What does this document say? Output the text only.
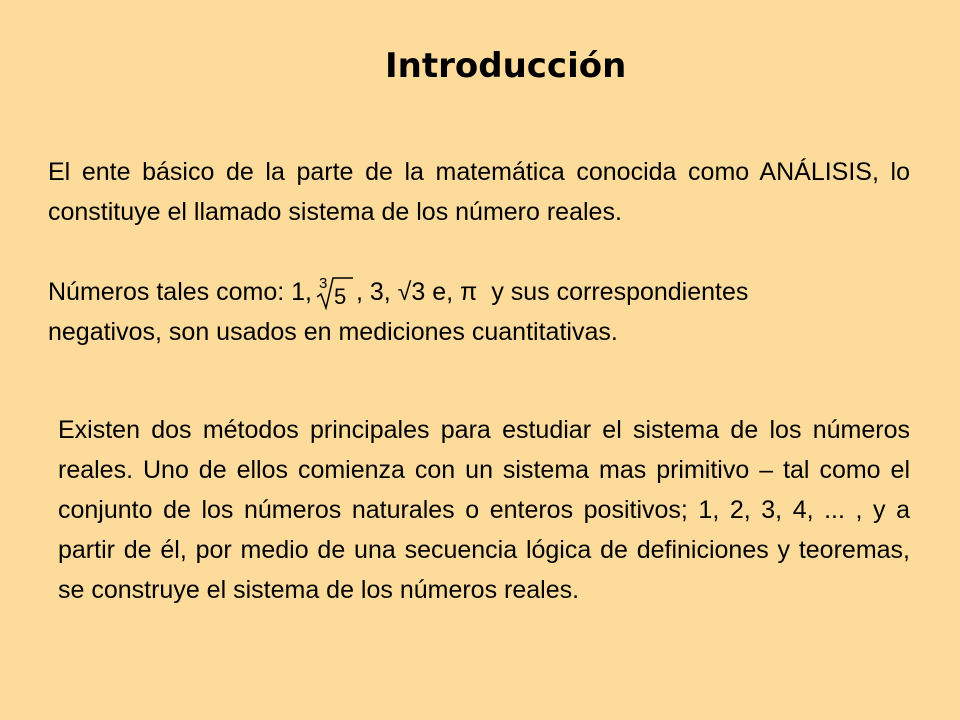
Introducción
El ente básico de la parte de la matemática conocida como ANÁLISIS, lo constituye el llamado sistema de los número reales.
Números tales como: 1, 3
5 , 3, √3 e, π y sus correspondientes
negativos, son usados en mediciones cuantitativas.
Existen dos métodos principales para estudiar el sistema de los números reales. Uno de ellos comienza con un sistema mas primitivo – tal como el conjunto de los números naturales o enteros positivos; 1, 2, 3, 4, ... , y a partir de él, por medio de una secuencia lógica de definiciones y teoremas, se construye el sistema de los números reales.
